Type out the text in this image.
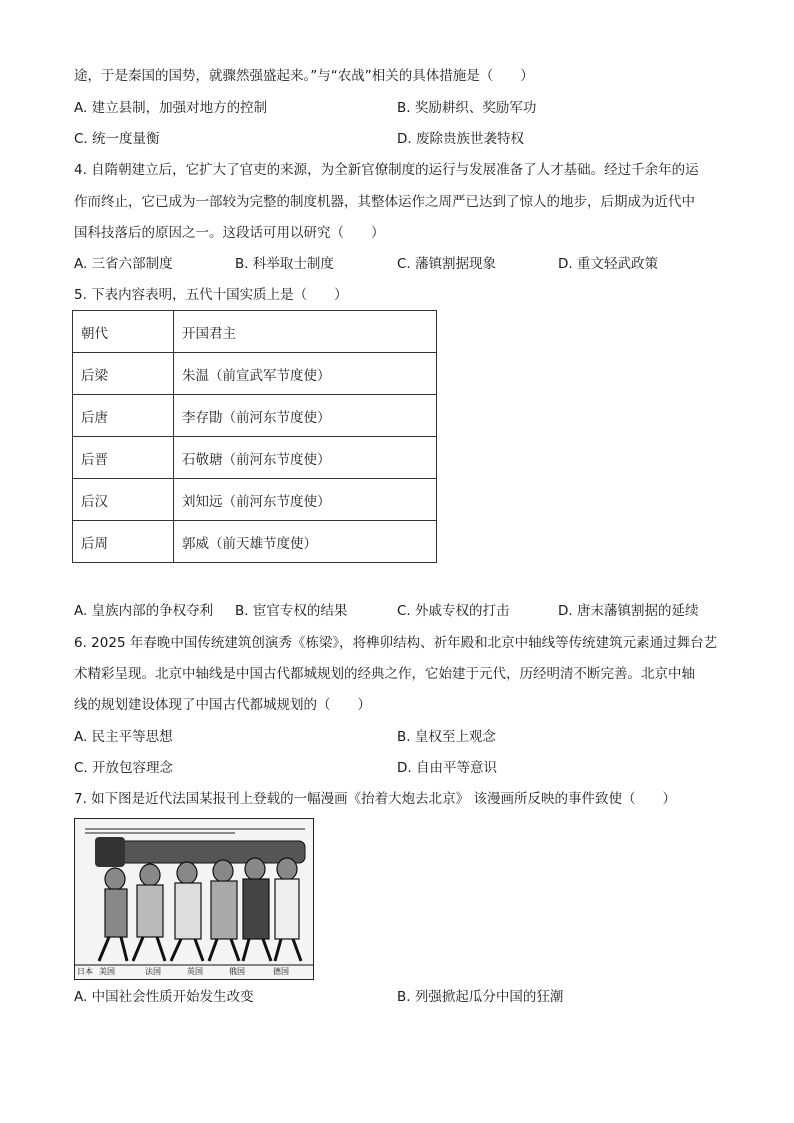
途，于是秦国的国势，就骤然强盛起来。”与“农战”相关的具体措施是（　　）
A. 建立县制，加强对地方的控制	B. 奖励耕织、奖励军功
C. 统一度量衡	D. 废除贵族世袭特权
4. 自隋朝建立后，它扩大了官吏的来源，为全新官僚制度的运行与发展准备了人才基础。经过千余年的运
作而终止，它已成为一部较为完整的制度机器，其整体运作之周严已达到了惊人的地步，后期成为近代中
国科技落后的原因之一。这段话可用以研究（　　）
A. 三省六部制度	B. 科举取士制度	C. 藩镇割据现象	D. 重文轻武政策
5. 下表内容表明，五代十国实质上是（　　）
朝代	开国君主
后梁	朱温（前宣武军节度使）
后唐	李存勖（前河东节度使）
后晋	石敬瑭（前河东节度使）
后汉	刘知远（前河东节度使）
后周	郭威（前天雄节度使）
A. 皇族内部的争权夺利 B. 宦官专权的结果	C. 外戚专权的打击	D. 唐末藩镇割据的延续
6. 2025 年春晚中国传统建筑创演秀《栋梁》，将榫卯结构、祈年殿和北京中轴线等传统建筑元素通过舞台艺
术精彩呈现。北京中轴线是中国古代都城规划的经典之作，它始建于元代，历经明清不断完善。北京中轴
线的规划建设体现了中国古代都城规划的（　　）
A. 民主平等思想	B. 皇权至上观念
C. 开放包容理念	D. 自由平等意识
7. 如下图是近代法国某报刊上登载的一幅漫画《抬着大炮去北京》 该漫画所反映的事件致使（　　）
日本 美国	法国	英国	俄国	德国
A. 中国社会性质开始发生改变	B. 列强掀起瓜分中国的狂潮
